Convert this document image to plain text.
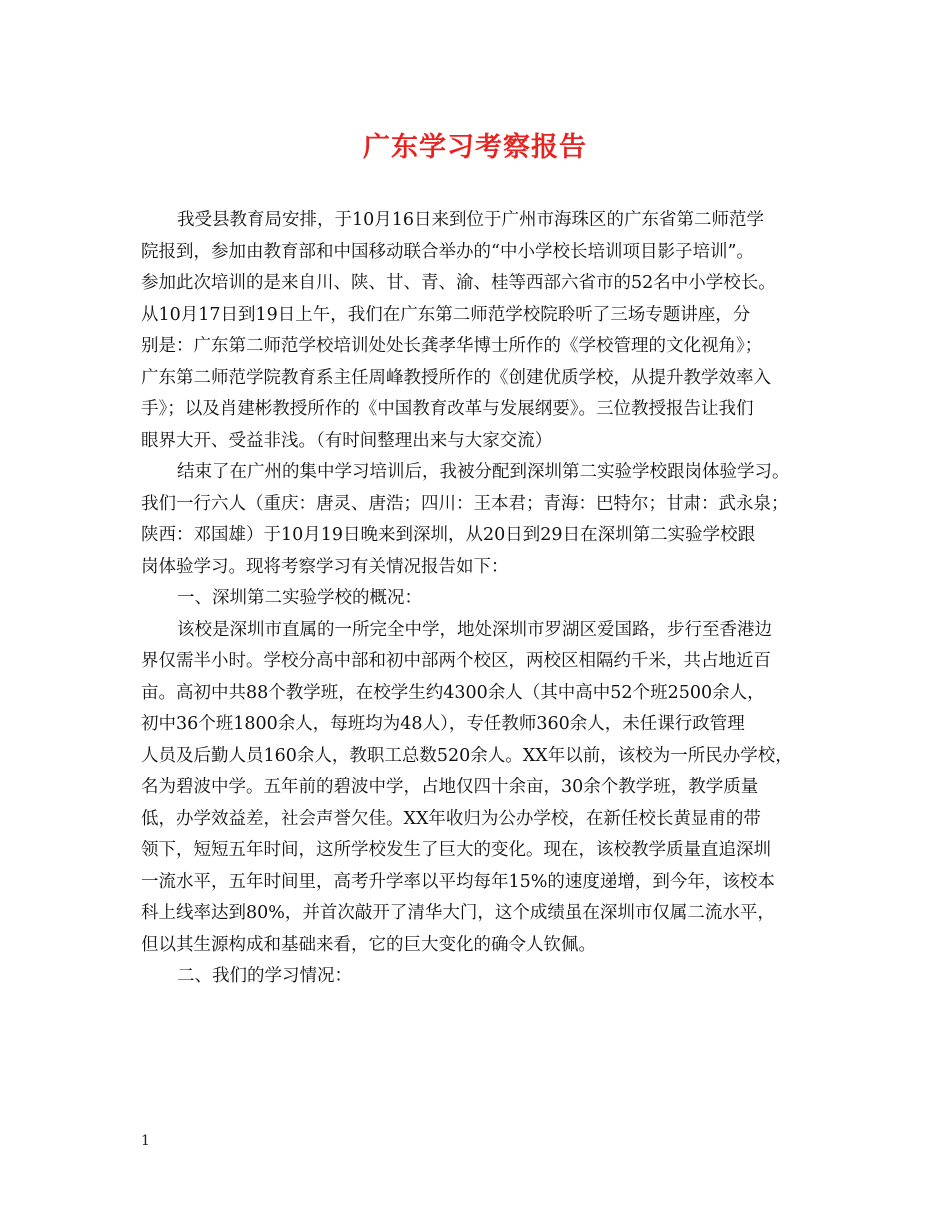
广东学习考察报告
我受县教育局安排，于10月16日来到位于广州市海珠区的广东省第二师范学
院报到，参加由教育部和中国移动联合举办的“中小学校长培训项目影子培训”。
参加此次培训的是来自川、陕、甘、青、渝、桂等西部六省市的52名中小学校长。
从10月17日到19日上午，我们在广东第二师范学校院聆听了三场专题讲座，分
别是：广东第二师范学校培训处处长龚孝华博士所作的《学校管理的文化视角》；
广东第二师范学院教育系主任周峰教授所作的《创建优质学校，从提升教学效率入
手》；以及肖建彬教授所作的《中国教育改革与发展纲要》。三位教授报告让我们
眼界大开、受益非浅。（有时间整理出来与大家交流）
结束了在广州的集中学习培训后，我被分配到深圳第二实验学校跟岗体验学习。
我们一行六人（重庆：唐灵、唐浩；四川：王本君；青海：巴特尔；甘肃：武永泉；
陕西：邓国雄）于10月19日晚来到深圳，从20日到29日在深圳第二实验学校跟
岗体验学习。现将考察学习有关情况报告如下：
一、深圳第二实验学校的概况：
该校是深圳市直属的一所完全中学，地处深圳市罗湖区爱国路，步行至香港边
界仅需半小时。学校分高中部和初中部两个校区，两校区相隔约千米，共占地近百
亩。高初中共88个教学班，在校学生约4300余人（其中高中52个班2500余人，
初中36个班1800余人，每班均为48人），专任教师360余人，未任课行政管理
人员及后勤人员160余人，教职工总数520余人。XX年以前，该校为一所民办学校，
名为碧波中学。五年前的碧波中学，占地仅四十余亩，30余个教学班，教学质量
低，办学效益差，社会声誉欠佳。XX年收归为公办学校，在新任校长黄显甫的带
领下，短短五年时间，这所学校发生了巨大的变化。现在，该校教学质量直追深圳
一流水平，五年时间里，高考升学率以平均每年15%的速度递增，到今年，该校本
科上线率达到80%，并首次敲开了清华大门，这个成绩虽在深圳市仅属二流水平，
但以其生源构成和基础来看，它的巨大变化的确令人钦佩。
二、我们的学习情况：
1
